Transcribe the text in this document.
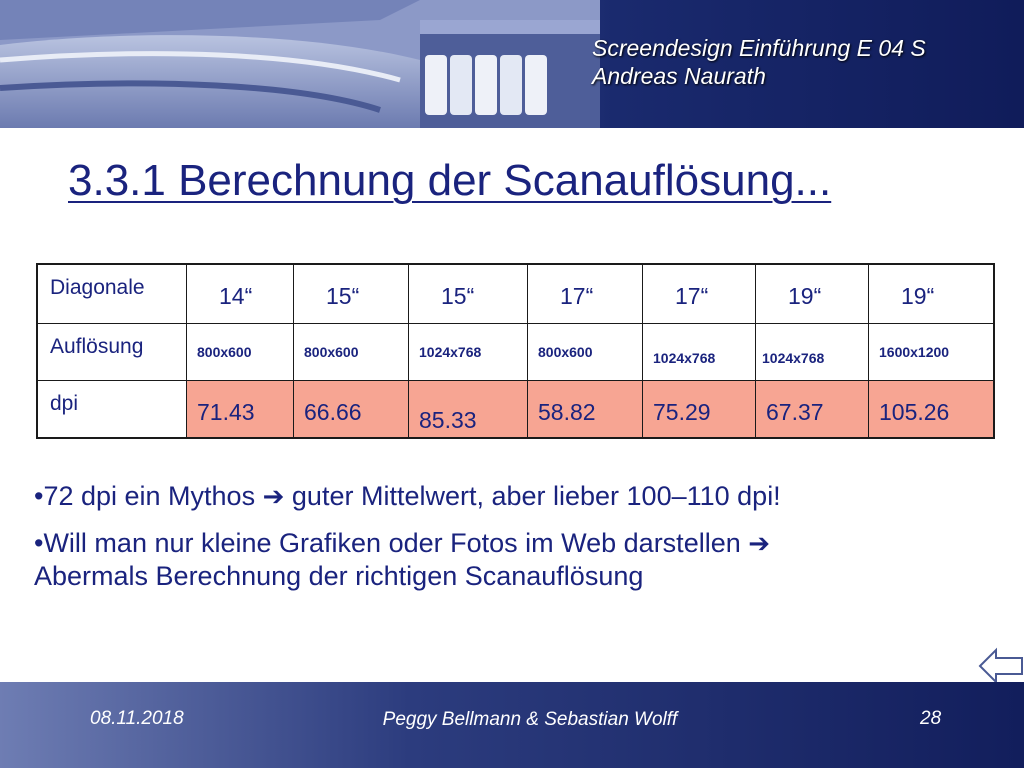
Screendesign Einführung E 04 S
Andreas Naurath
3.3.1 Berechnung der Scanauflösung...
Diagonale	14“	15“	15“	17“	17“	19“	19“

Auflösung	800x600	800x600	1024x768	800x600	1024x768	1024x768	1600x1200

dpi	71.43	66.66	85.33	58.82	75.29	67.37	105.26

•72 dpi ein Mythos ➔ guter Mittelwert, aber lieber 100–110 dpi!

•Will man nur kleine Grafiken oder Fotos im Web darstellen ➔
Abermals Berechnung der richtigen Scanauflösung

08.11.2018	Peggy Bellmann & Sebastian Wolff	28
